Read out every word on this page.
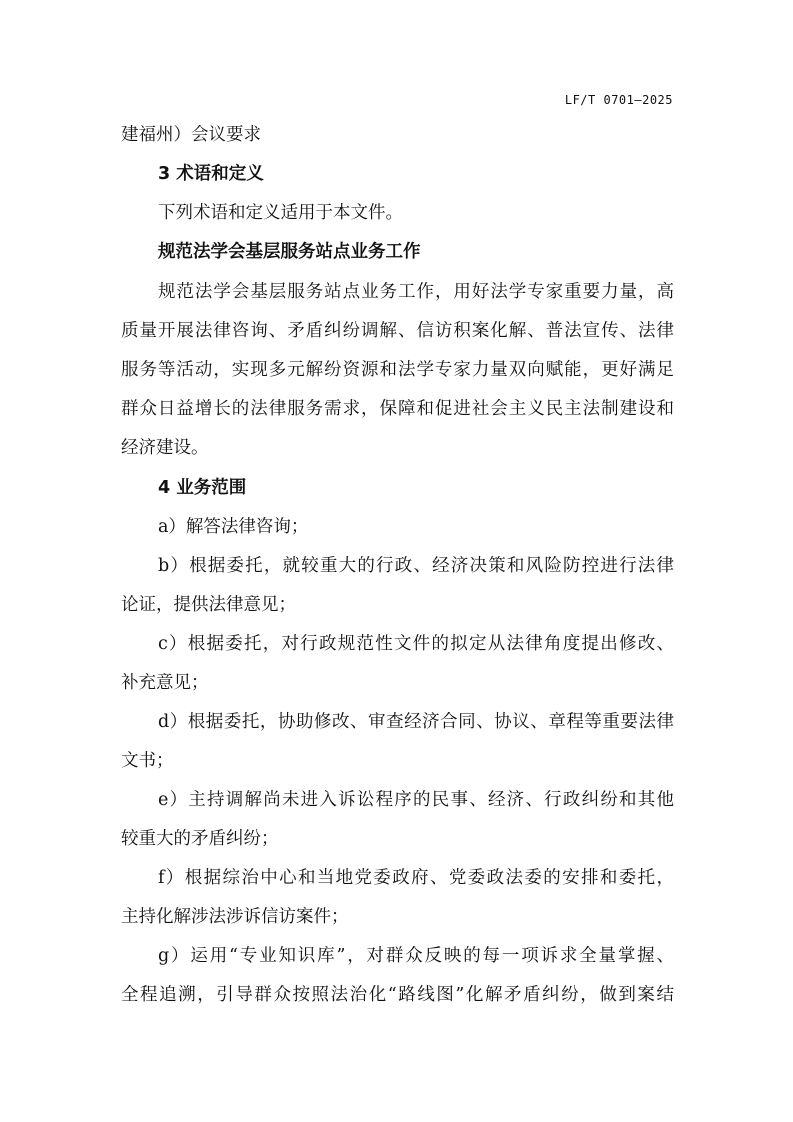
LF/T 0701—2025
建福州）会议要求
3 术语和定义
下列术语和定义适用于本文件。
规范法学会基层服务站点业务工作
规范法学会基层服务站点业务工作，用好法学专家重要力量，高
质量开展法律咨询、矛盾纠纷调解、信访积案化解、普法宣传、法律
服务等活动，实现多元解纷资源和法学专家力量双向赋能，更好满足
群众日益增长的法律服务需求，保障和促进社会主义民主法制建设和
经济建设。
4 业务范围
a）解答法律咨询；
b）根据委托，就较重大的行政、经济决策和风险防控进行法律
论证，提供法律意见；
c）根据委托，对行政规范性文件的拟定从法律角度提出修改、
补充意见；
d）根据委托，协助修改、审查经济合同、协议、章程等重要法律
文书；
e）主持调解尚未进入诉讼程序的民事、经济、行政纠纷和其他
较重大的矛盾纠纷；
f）根据综治中心和当地党委政府、党委政法委的安排和委托，
主持化解涉法涉诉信访案件；
g）运用“专业知识库”，对群众反映的每一项诉求全量掌握、
全程追溯，引导群众按照法治化“路线图”化解矛盾纠纷，做到案结
